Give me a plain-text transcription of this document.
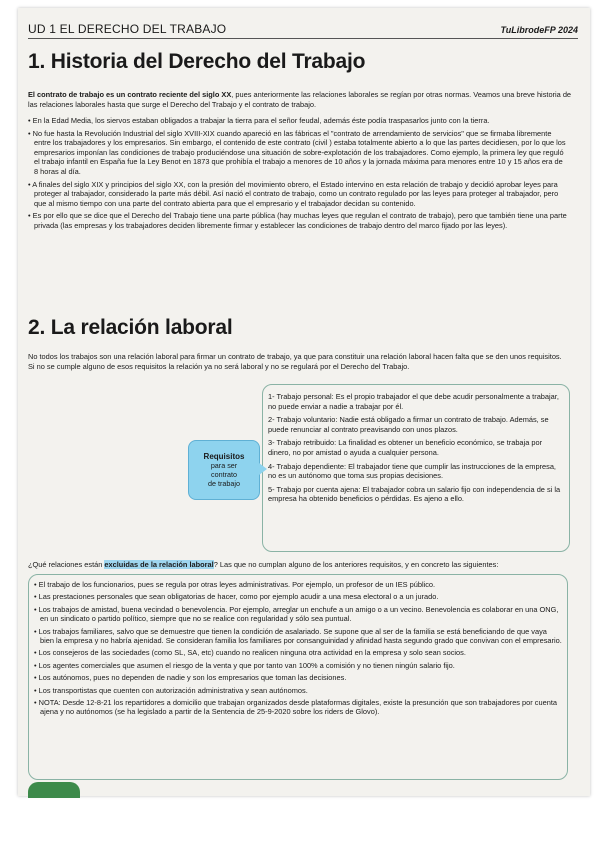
UD 1 EL DERECHO DEL TRABAJO	TuLibrodeFP 2024
1. Historia del Derecho del Trabajo

El contrato de trabajo es un contrato reciente del siglo XX, pues anteriormente las relaciones laborales se regían por otras normas. Veamos una breve historia de las relaciones laborales hasta que surge el Derecho del Trabajo y el contrato de trabajo.

• En la Edad Media, los siervos estaban obligados a trabajar la tierra para el señor feudal, además éste podía traspasarlos junto con la tierra.
• No fue hasta la Revolución Industrial del siglo XVIII-XIX cuando apareció en las fábricas el "contrato de arrendamiento de servicios" que se firmaba libremente entre los trabajadores y los empresarios. Sin embargo, el contenido de este contrato (civil ) estaba totalmente abierto a lo que las partes decidiesen, por lo que los empresarios imponían las condiciones de trabajo produciéndose una situación de sobre-explotación de los trabajadores. Como ejemplo, la primera ley que reguló el trabajo infantil en España fue la Ley Benot en 1873 que prohibía el trabajo a menores de 10 años y la jornada máxima para menores entre 10 y 15 años era de 8 horas al día.
• A finales del siglo XIX y principios del siglo XX, con la presión del movimiento obrero, el Estado intervino en esta relación de trabajo y decidió aprobar leyes para proteger al trabajador, considerado la parte más débil. Así nació el contrato de trabajo, como un contrato regulado por las leyes para proteger al trabajador, pero que al mismo tiempo con una parte del contrato abierta para que el empresario y el trabajador decidan su contenido.
• Es por ello que se dice que el Derecho del Trabajo tiene una parte pública (hay muchas leyes que regulan el contrato de trabajo), pero que también tiene una parte privada (las empresas y los trabajadores deciden libremente firmar y establecer las condiciones de trabajo dentro del marco fijado por las leyes).
2. La relación laboral

No todos los trabajos son una relación laboral para firmar un contrato de trabajo, ya que para constituir una relación laboral hacen falta que se den unos requisitos. Si no se cumple alguno de esos requisitos la relación ya no será laboral y no se regulará por el Derecho del Trabajo.

1- Trabajo personal: Es el propio trabajador el que debe acudir personalmente a trabajar, no puede enviar a nadie a trabajar por él.
2- Trabajo voluntario: Nadie está obligado a firmar un contrato de trabajo. Además, se puede renunciar al contrato preavisando con unos plazos.
3- Trabajo retribuido: La finalidad es obtener un beneficio económico, se trabaja por dinero, no por amistad o ayuda a cualquier persona.
4- Trabajo dependiente: El trabajador tiene que cumplir las instrucciones de la empresa, no es un autónomo que toma sus propias decisiones.
5- Trabajo por cuenta ajena: El trabajador cobra un salario fijo con independencia de si la empresa ha obtenido beneficios o pérdidas. Es ajeno a ello.
Requisitos
para ser
contrato
de trabajo

¿Qué relaciones están excluidas de la relación laboral? Las que no cumplan alguno de los anteriores requisitos, y en concreto las siguientes:

• El trabajo de los funcionarios, pues se regula por otras leyes administrativas. Por ejemplo, un profesor de un IES público.
• Las prestaciones personales que sean obligatorias de hacer, como por ejemplo acudir a una mesa electoral o a un jurado.
• Los trabajos de amistad, buena vecindad o benevolencia. Por ejemplo, arreglar un enchufe a un amigo o a un vecino. Benevolencia es colaborar en una ONG, en un sindicato o partido político, siempre que no se realice con regularidad y sólo sea puntual.
• Los trabajos familiares, salvo que se demuestre que tienen la condición de asalariado. Se supone que al ser de la familia se está beneficiando de que vaya bien la empresa y no habría ajenidad. Se consideran familia los familiares por consanguinidad y afinidad hasta segundo grado que convivan con el empresario.
• Los consejeros de las sociedades (como SL, SA, etc) cuando no realicen ninguna otra actividad en la empresa y solo sean socios.
• Los agentes comerciales que asumen el riesgo de la venta y que por tanto van 100% a comisión y no tienen ningún salario fijo.
• Los autónomos, pues no dependen de nadie y son los empresarios que toman las decisiones.
• Los transportistas que cuenten con autorización administrativa y sean autónomos.
• NOTA: Desde 12-8-21 los repartidores a domicilio que trabajan organizados desde plataformas digitales, existe la presunción que son trabajadores por cuenta ajena y no autónomos (se ha legislado a partir de la Sentencia de 25-9-2020 sobre los riders de Glovo).
